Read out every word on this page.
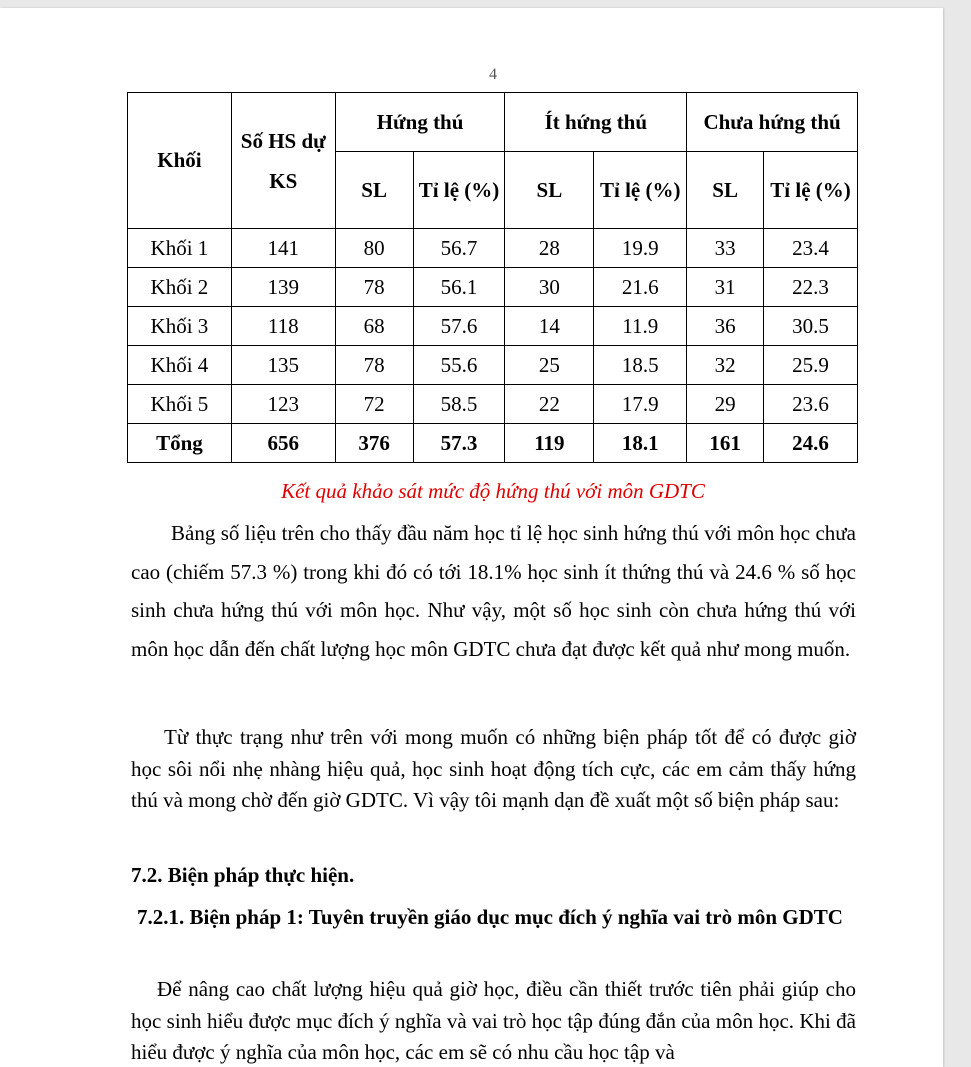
4
Khối	Số HS dự KS	Hứng thú		Ít hứng thú		Chưa hứng thú	
		SL	Tỉ lệ (%)	SL	Tỉ lệ (%)	SL	Tỉ lệ (%)

Khối 1	141	80	56.7	28	19.9	33	23.4
Khối 2	139	78	56.1	30	21.6	31	22.3
Khối 3	118	68	57.6	14	11.9	36	30.5
Khối 4	135	78	55.6	25	18.5	32	25.9
Khối 5	123	72	58.5	22	17.9	29	23.6
Tổng	656	376	57.3	119	18.1	161	24.6
Kết quả khảo sát mức độ hứng thú với môn GDTC

Bảng số liệu trên cho thấy đầu năm học tỉ lệ học sinh hứng thú với môn học chưa cao (chiếm 57.3 %) trong khi đó có tới 18.1% học sinh ít thứng thú và 24.6 % số học sinh chưa hứng thú với môn học. Như vậy, một số học sinh còn chưa hứng thú với môn học dẫn đến chất lượng học môn GDTC chưa đạt được kết quả như mong muốn.

Từ thực trạng như trên với mong muốn có những biện pháp tốt để có được giờ học sôi nổi nhẹ nhàng hiệu quả, học sinh hoạt động tích cực, các em cảm thấy hứng thú và mong chờ đến giờ GDTC. Vì vậy tôi mạnh dạn đề xuất một số biện pháp sau:

7.2. Biện pháp thực hiện.

7.2.1. Biện pháp 1: Tuyên truyền giáo dục mục đích ý nghĩa vai trò môn GDTC

Để nâng cao chất lượng hiệu quả giờ học, điều cần thiết trước tiên phải giúp cho học sinh hiểu được mục đích ý nghĩa và vai trò học tập đúng đắn của môn học. Khi đã hiểu được ý nghĩa của môn học, các em sẽ có nhu cầu học tập và
